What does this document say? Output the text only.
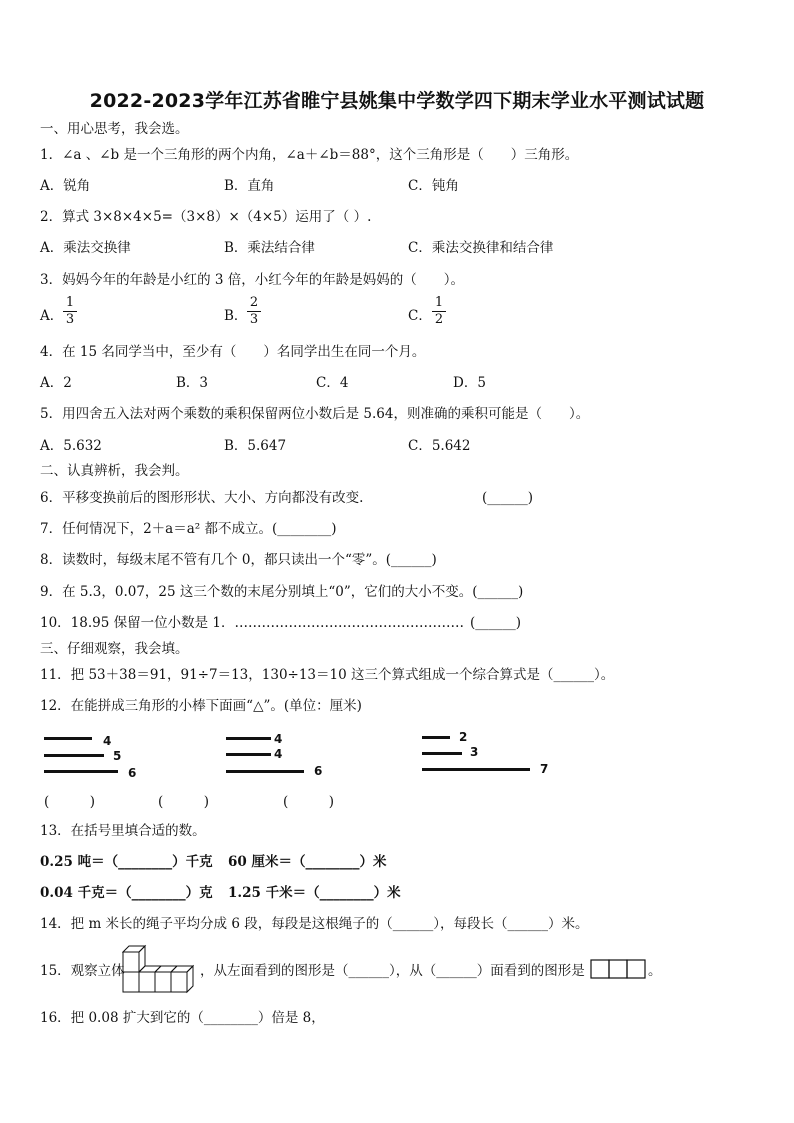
2022-2023学年江苏省睢宁县姚集中学数学四下期末学业水平测试试题
一、用心思考，我会选。
1．∠a 、∠b 是一个三角形的两个内角，∠a＋∠b＝88°，这个三角形是（　　）三角形。
A．锐角	B．直角	C．钝角
2．算式 3×8×4×5=（3×8）×（4×5）运用了（ ）.
A．乘法交换律	B．乘法结合律	C．乘法交换律和结合律
3．妈妈今年的年龄是小红的 3 倍，小红今年的年龄是妈妈的（　　）。
A．
1
3	B．
2
3	C．
1
2
4．在 15 名同学当中，至少有（　　）名同学出生在同一个月。
A．2	B．3	C．4	D．5
5．用四舍五入法对两个乘数的乘积保留两位小数后是 5.64，则准确的乘积可能是（　　）。
A．5.632	B．5.647	C．5.642
二、认真辨析，我会判。
6．平移变换前后的图形形状、大小、方向都没有改变.	(______)
7．任何情况下，2＋a＝a² 都不成立。(________)
8．读数时，每级末尾不管有几个 0，都只读出一个“零”。(______)
9．在 5.3，0.07，25 这三个数的末尾分别填上“0”，它们的大小不变。(______)
10．18.95 保留一位小数是 1．…………………………………………… (______)
三、仔细观察，我会填。
11．把 53＋38＝91，91÷7＝13，130÷13＝10 这三个算式组成一个综合算式是（______）。
12．在能拼成三角形的小棒下面画“△”。(单位：厘米)
4
5
6
4
4
6
2
3
7
(　　　)	(　　　)	(　　　)
13．在括号里填合适的数。
0.25 吨＝（________）千克 60 厘米＝（________）米
0.04 千克＝（________）克 1.25 千米＝（________）米
14．把 m 米长的绳子平均分成 6 段，每段是这根绳子的（______），每段长（______）米。
15．观察立体	，从左面看到的图形是（______），从（______）面看到的图形是	。
16．把 0.08 扩大到它的（________）倍是 8，
